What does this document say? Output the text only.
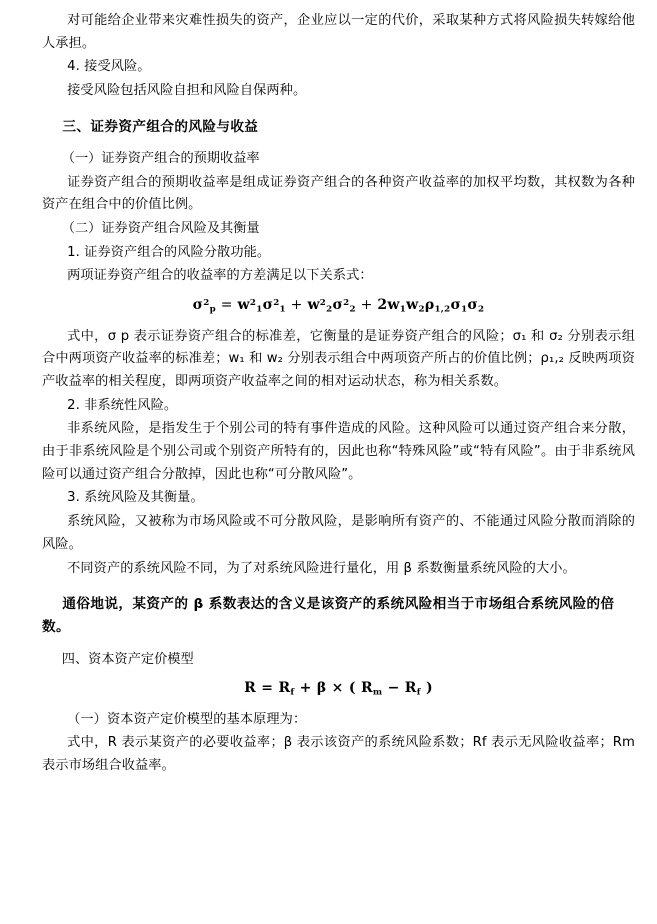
对可能给企业带来灾难性损失的资产，企业应以一定的代价，采取某种方式将风险损失转嫁给他人承担。

4. 接受风险。

接受风险包括风险自担和风险自保两种。

三、证券资产组合的风险与收益

（一）证券资产组合的预期收益率

证券资产组合的预期收益率是组成证券资产组合的各种资产收益率的加权平均数，其权数为各种资产在组合中的价值比例。

（二）证券资产组合风险及其衡量

1. 证券资产组合的风险分散功能。

两项证券资产组合的收益率的方差满足以下关系式：

$\sigma^2_p = w^2_1\sigma^2_1 + w^2_2\sigma^2_2 + 2w_1w_2\rho_{1,2}\sigma_1\sigma_2$

式中，σ p 表示证券资产组合的标准差，它衡量的是证券资产组合的风险；σ₁ 和 σ₂ 分别表示组合中两项资产收益率的标准差；w₁ 和 w₂ 分别表示组合中两项资产所占的价值比例；ρ₁,₂ 反映两项资产收益率的相关程度，即两项资产收益率之间的相对运动状态，称为相关系数。

2. 非系统性风险。

非系统风险，是指发生于个别公司的特有事件造成的风险。这种风险可以通过资产组合来分散，由于非系统风险是个别公司或个别资产所特有的，因此也称“特殊风险”或“特有风险”。由于非系统风险可以通过资产组合分散掉，因此也称“可分散风险”。

3. 系统风险及其衡量。

系统风险，又被称为市场风险或不可分散风险，是影响所有资产的、不能通过风险分散而消除的风险。

不同资产的系统风险不同，为了对系统风险进行量化，用 β 系数衡量系统风险的大小。

通俗地说，某资产的 β 系数表达的含义是该资产的系统风险相当于市场组合系统风险的倍数。

四、资本资产定价模型

$R = R_f + \beta$ × ( $R_m - R_f$ )

（一）资本资产定价模型的基本原理为：

式中，R 表示某资产的必要收益率；β 表示该资产的系统风险系数；Rf 表示无风险收益率；Rm 表示市场组合收益率。
